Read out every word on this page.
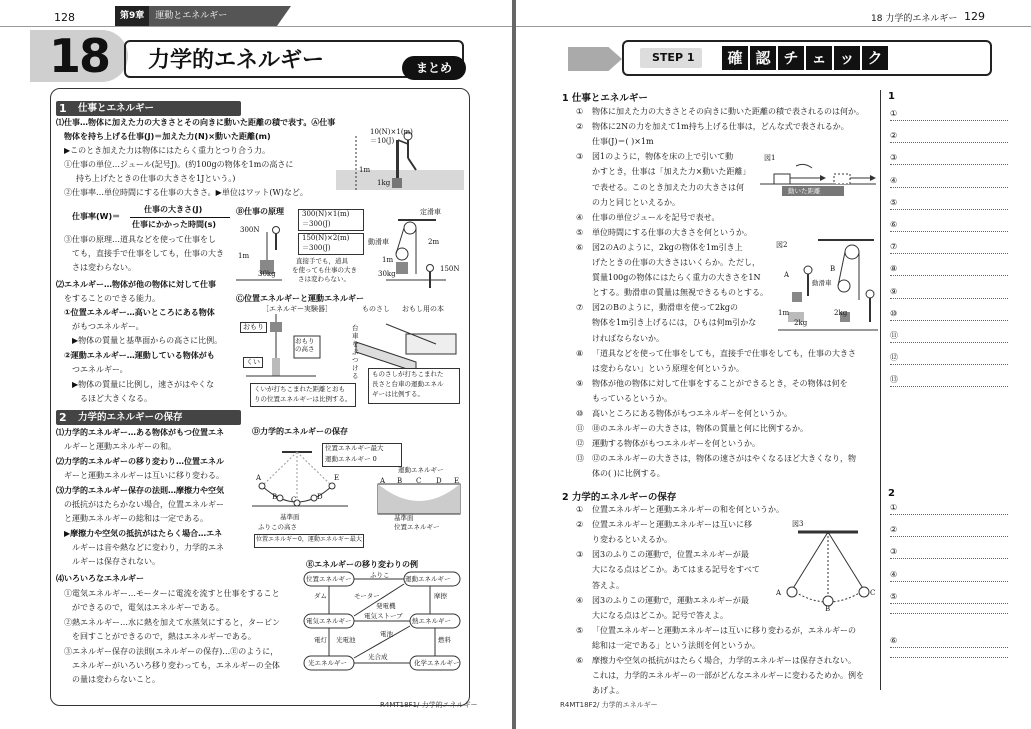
128	第9章 運動とエネルギー
18	力学的エネルギー	まとめ
1 仕事とエネルギー
⑴仕事…物体に加えた力の大きさとその向きに動いた距離の積で表す。Ⓐ仕事
物体を持ち上げる仕事(J)＝加えた力(N)×動いた距離(m)
▶このとき加えた力は物体にはたらく重力とつり合う力。
①仕事の単位…ジュール(記号J)。(約100gの物体を1mの高さに
持ち上げたときの仕事の大きさを1Jという。)
②仕事率…単位時間にする仕事の大きさ。▶単位はワット(W)など。
仕事率(W)＝
仕事の大きさ(J)
仕事にかかった時間(s)
③仕事の原理…道具などを使って仕事をし
ても，直接手で仕事をしても，仕事の大き
さは変わらない。
⑵エネルギー…物体が他の物体に対して仕事
をすることのできる能力。
①位置エネルギー…高いところにある物体
がもつエネルギー。
▶物体の質量と基準面からの高さに比例。
②運動エネルギー…運動している物体がも
つエネルギー。
▶物体の質量に比例し，速さがはやくな
るほど大きくなる。
10(N)×1(m)
＝10(J)
1m
1kg
Ⓑ仕事の原理	300(N)×1(m)
＝300(J)
150(N)×2(m)
＝300(J)
300N
1m
30kg
直接手でも，道具
を使っても仕事の大き
さは変わらない。
定滑車
動滑車	2m
1m
30kg
150N
Ⓒ位置エネルギーと運動エネルギー
［エネルギー実験器］	ものさし おもし用の本
おもり
おもりの高さ
くい
台車をぶつける
くいが打ちこまれた距離とおも
りの位置エネルギーは比例する。
ものさしが打ちこまれた
長さと台車の運動エネル
ギーは比例する。
2 力学的エネルギーの保存
⑴力学的エネルギー…ある物体がもつ位置エネ
ルギーと運動エネルギーの和。
⑵力学的エネルギーの移り変わり…位置エネル
ギーと運動エネルギーは互いに移り変わる。
⑶力学的エネルギー保存の法則…摩擦力や空気
の抵抗がはたらかない場合，位置エネルギー
と運動エネルギーの総和は一定である。
▶摩擦力や空気の抵抗がはたらく場合…エネ
ルギーは音や熱などに変わり，力学的エネ
ルギーは保存されない。
⑷いろいろなエネルギー
①電気エネルギー…モーターに電流を流すと仕事をすること
ができるので，電気はエネルギーである。
②熱エネルギー…水に熱を加えて水蒸気にすると，タービン
を回すことができるので，熱はエネルギーである。
③エネルギー保存の法則(エネルギーの保存)…Ⓔのように，
エネルギーがいろいろ移り変わっても，エネルギーの全体
の量は変わらないこと。
Ⓓ力学的エネルギーの保存
位置エネルギー最大
運動エネルギー 0
A
B C	D
E
基準面
ふりこの高さ
位置エネルギー0，運動エネルギー最大
運動エネルギー
A B C D E
基準面
位置エネルギー
Ⓔエネルギーの移り変わりの例
位置エネルギー	運動エネルギー
電気エネルギー	熱エネルギー
光エネルギー	化学エネルギー
ふりこ
ダム	モーター
発電機
摩擦
電気ストーブ
電灯 光電池
電池
燃料
光合成
R4MT18F1/ 力学的エネルギー
18 力学的エネルギー 129
STEP 1	確 認 チ ェ ッ ク
1 仕事とエネルギー
① 物体に加えた力の大きさとその向きに動いた距離の積で表されるのは何か。
② 物体に2Nの力を加えて1m持ち上げる仕事は，どんな式で表されるか。
仕事(J)＝( )×1m
③ 図1のように，物体を床の上で引いて動
かすとき，仕事は「加えた力×動いた距離」
で表せる。このとき加えた力の大きさは何
の力と同じといえるか。
④ 仕事の単位ジュールを記号で表せ。
⑤ 単位時間にする仕事の大きさを何というか。
⑥ 図2のAのように，2kgの物体を1m引き上
げたときの仕事の大きさはいくらか。ただし，
質量100gの物体にはたらく重力の大きさを1N
とする。動滑車の質量は無視できるものとする。
⑦ 図2のBのように，動滑車を使って2kgの
物体を1m引き上げるには，ひもは何m引かな
ければならないか。
⑧ 「道具などを使って仕事をしても，直接手で仕事をしても，仕事の大きさ
は変わらない」という原理を何というか。
⑨ 物体が他の物体に対して仕事をすることができるとき，その物体は何を
もっているというか。
⑩ 高いところにある物体がもつエネルギーを何というか。
⑪ ⑩のエネルギーの大きさは，物体の質量と何に比例するか。
⑫ 運動する物体がもつエネルギーを何というか。
⑬ ⑫のエネルギーの大きさは，物体の速さがはやくなるほど大きくなり，物
体の( )に比例する。
図1
動いた距離
図2
A
B
動滑車
1m
2kg
2kg
2 力学的エネルギーの保存
① 位置エネルギーと運動エネルギーの和を何というか。
② 位置エネルギーと運動エネルギーは互いに移
り変わるといえるか。
③ 図3のふりこの運動で，位置エネルギーが最
大になる点はどこか。あてはまる記号をすべて
答えよ。
④ 図3のふりこの運動で，運動エネルギーが最
大になる点はどこか。記号で答えよ。
⑤ 「位置エネルギーと運動エネルギーは互いに移り変わるが，エネルギーの
総和は一定である」という法則を何というか。
⑥ 摩擦力や空気の抵抗がはたらく場合，力学的エネルギーは保存されない。
これは，力学的エネルギーの一部がどんなエネルギーに変わるためか。例を
あげよ。
図3
A
B
C
1
①
②
③
④
⑤
⑥
⑦
⑧
⑨
⑩
⑪
⑫
⑬
2
①
②
③
④
⑤
⑥
R4MT18F2/ 力学的エネルギー
